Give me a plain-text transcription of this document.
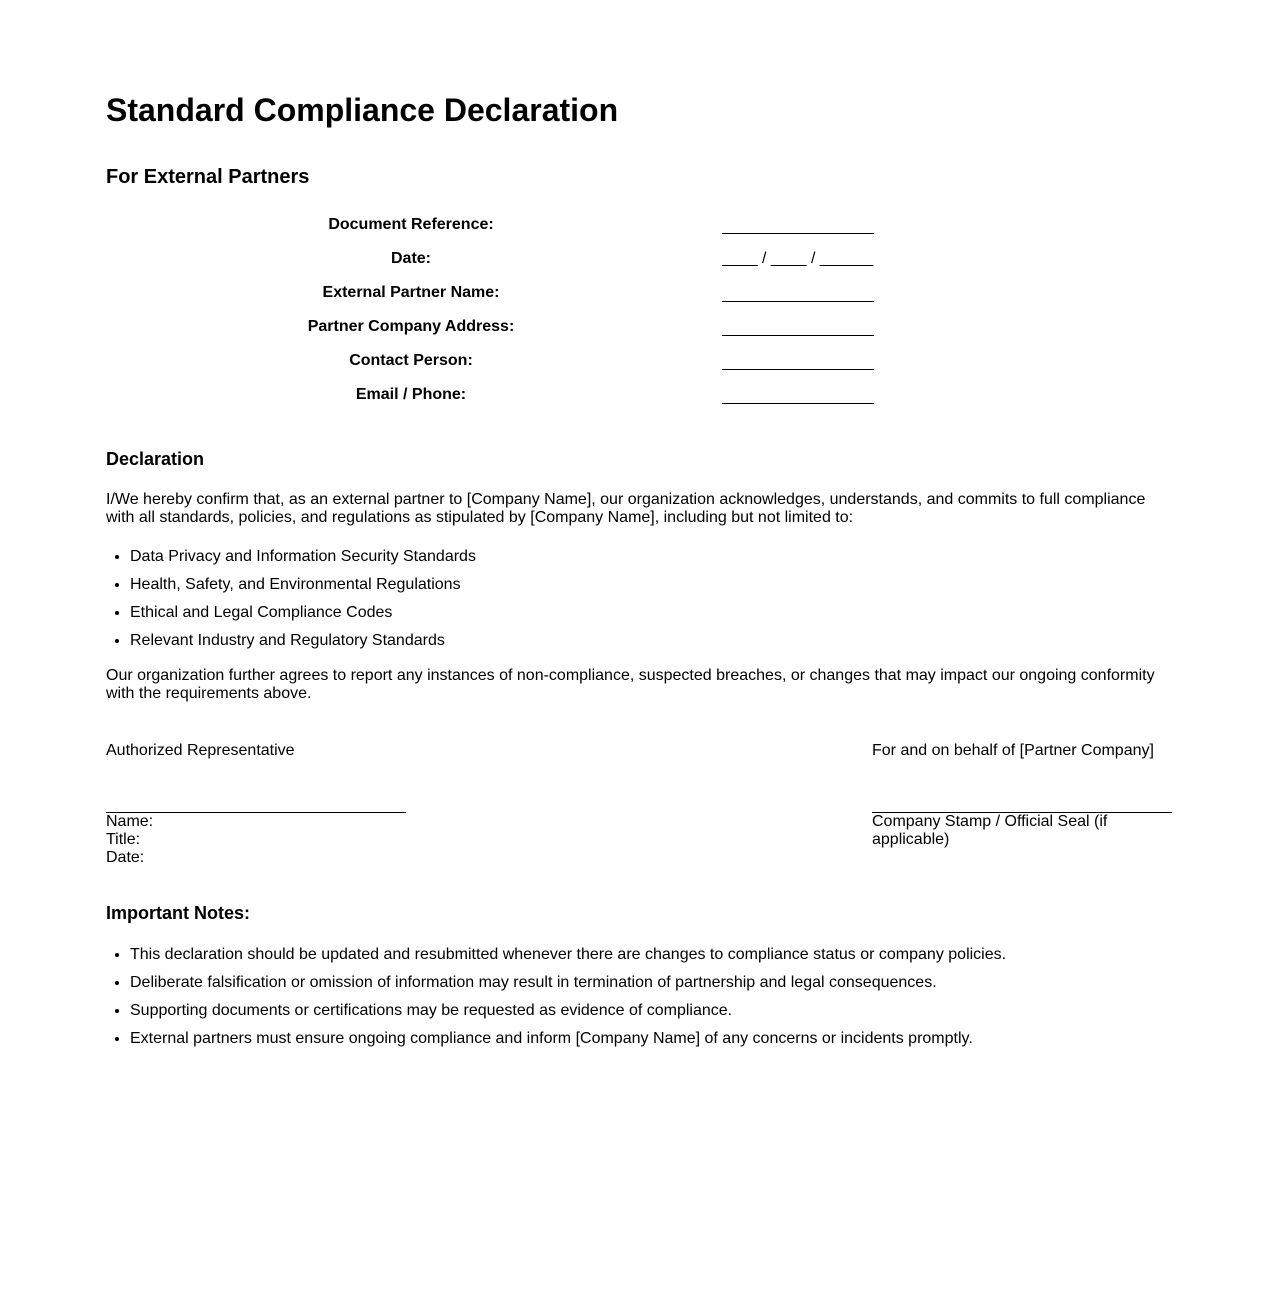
Standard Compliance Declaration
For External Partners
Document Reference:
Date:	____ / ____ / ______
External Partner Name:
Partner Company Address:
Contact Person:
Email / Phone:
Declaration

I/We hereby confirm that, as an external partner to [Company Name], our organization acknowledges, understands, and commits to full compliance with all standards, policies, and regulations as stipulated by [Company Name], including but not limited to:

• Data Privacy and Information Security Standards
• Health, Safety, and Environmental Regulations
• Ethical and Legal Compliance Codes
• Relevant Industry and Regulatory Standards

Our organization further agrees to report any instances of non-compliance, suspected breaches, or changes that may impact our ongoing conformity with the requirements above.

Authorized Representative
Name:
Title:
Date:
For and on behalf of [Partner Company]
Company Stamp / Official Seal (if applicable)
Important Notes:
• This declaration should be updated and resubmitted whenever there are changes to compliance status or company policies.
• Deliberate falsification or omission of information may result in termination of partnership and legal consequences.
• Supporting documents or certifications may be requested as evidence of compliance.
• External partners must ensure ongoing compliance and inform [Company Name] of any concerns or incidents promptly.
